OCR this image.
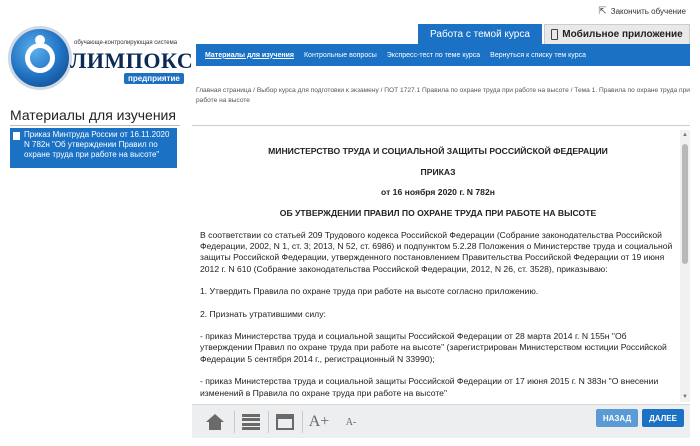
обучающе-контролирующая система
ЛИМПОКС
предприятие
⇱ Закончить обучение
Работа с темой курса	Мобильное приложение
Материалы для изучения	Контрольные вопросы	Экспресс-тест по теме курса	Вернуться к списку тем курса
Главная страница / Выбор курса для подготовки к экзамену / ПОТ 1727.1 Правила по охране труда при работе на высоте / Тема 1. Правила по охране труда при работе на высоте
Материалы для изучения
Приказ Минтруда России от 16.11.2020 N 782н "Об утверждении Правил по охране труда при работе на высоте"	МИНИСТЕРСТВО ТРУДА И СОЦИАЛЬНОЙ ЗАЩИТЫ РОССИЙСКОЙ ФЕДЕРАЦИИ
ПРИКАЗ
от 16 ноября 2020 г. N 782н
ОБ УТВЕРЖДЕНИИ ПРАВИЛ ПО ОХРАНЕ ТРУДА ПРИ РАБОТЕ НА ВЫСОТЕ
В соответствии со статьей 209 Трудового кодекса Российской Федерации (Собрание законодательства Российской Федерации, 2002, N 1, ст. 3; 2013, N 52, ст. 6986) и подпунктом 5.2.28 Положения о Министерстве труда и социальной защиты Российской Федерации, утвержденного постановлением Правительства Российской Федерации от 19 июня 2012 г. N 610 (Собрание законодательства Российской Федерации, 2012, N 26, ст. 3528), приказываю:
1. Утвердить Правила по охране труда при работе на высоте согласно приложению.
2. Признать утратившими силу:
- приказ Министерства труда и социальной защиты Российской Федерации от 28 марта 2014 г. N 155н "Об утверждении Правил по охране труда при работе на высоте" (зарегистрирован Министерством юстиции Российской Федерации 5 сентября 2014 г., регистрационный N 33990);
- приказ Министерства труда и социальной защиты Российской Федерации от 17 июня 2015 г. N 383н "О внесении изменений в Правила по охране труда при работе на высоте"
▲
▼
A+ A-	НАЗАД	ДАЛЕЕ
